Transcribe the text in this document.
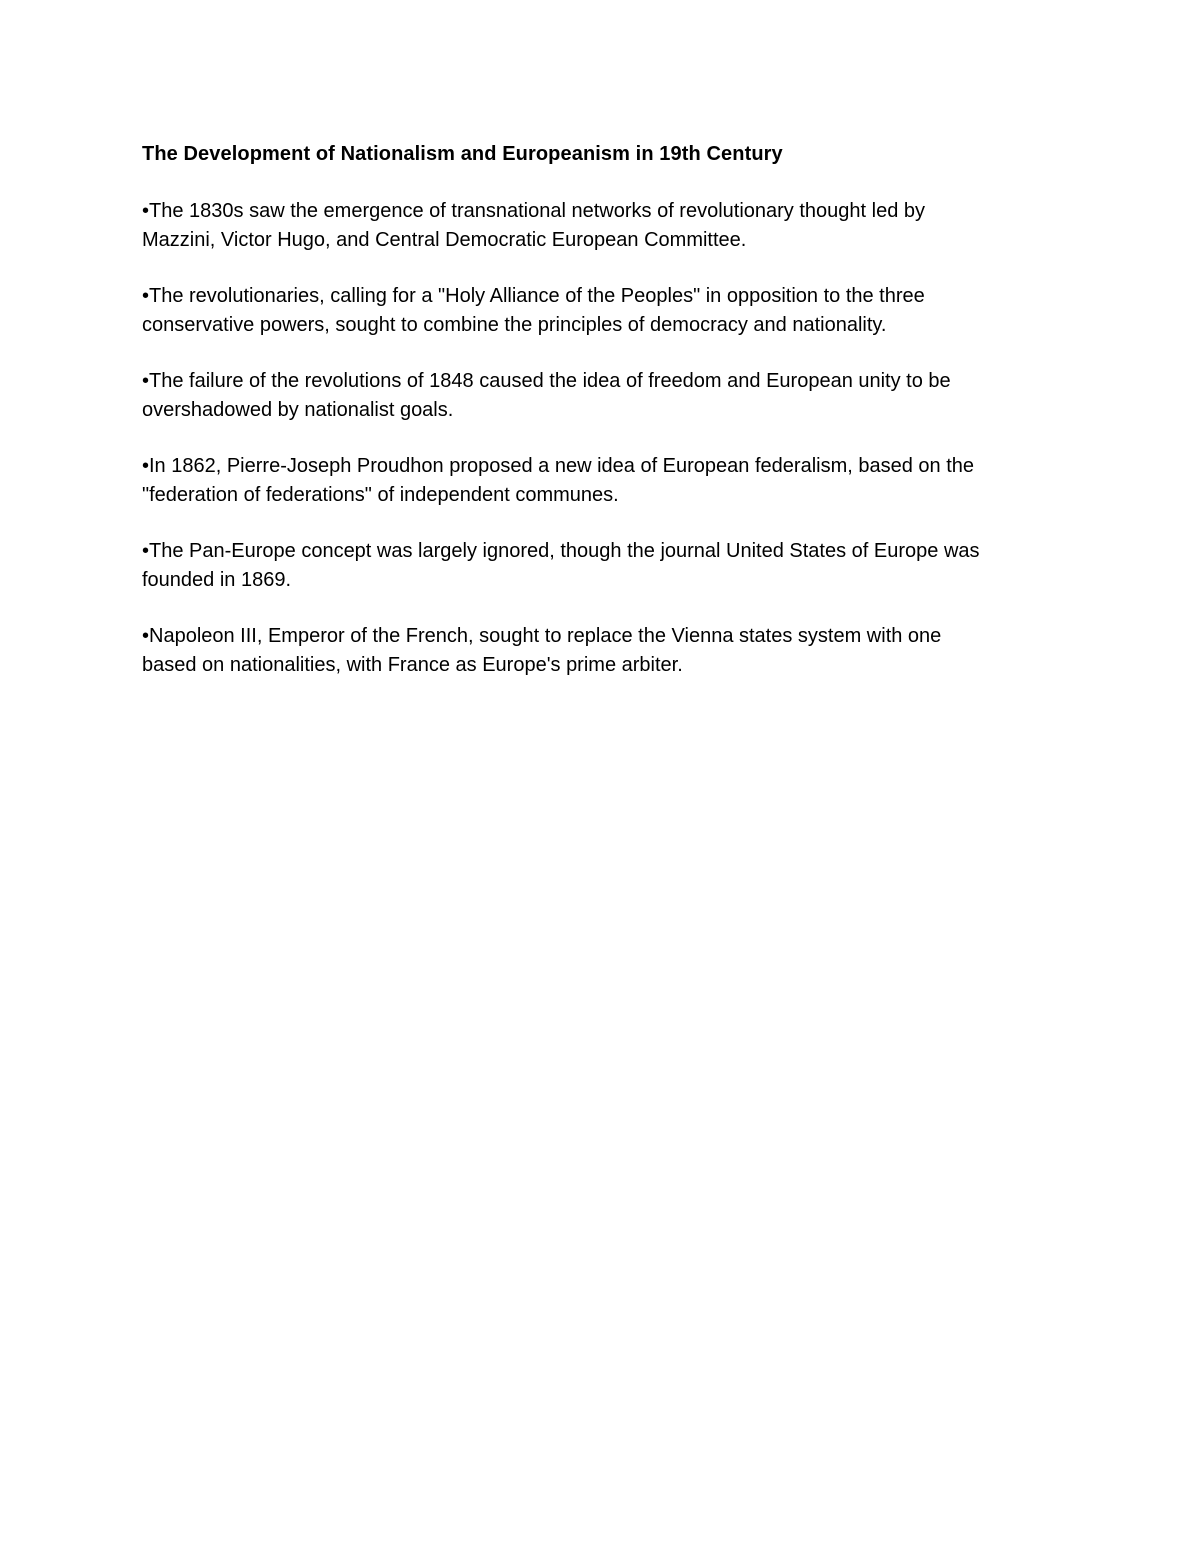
The Development of Nationalism and Europeanism in 19th Century
•The 1830s saw the emergence of transnational networks of revolutionary thought led by
Mazzini, Victor Hugo, and Central Democratic European Committee.
•The revolutionaries, calling for a "Holy Alliance of the Peoples" in opposition to the three
conservative powers, sought to combine the principles of democracy and nationality.
•The failure of the revolutions of 1848 caused the idea of freedom and European unity to be
overshadowed by nationalist goals.
•In 1862, Pierre-Joseph Proudhon proposed a new idea of European federalism, based on the
"federation of federations" of independent communes.
•The Pan-Europe concept was largely ignored, though the journal United States of Europe was
founded in 1869.
•Napoleon III, Emperor of the French, sought to replace the Vienna states system with one
based on nationalities, with France as Europe's prime arbiter.
